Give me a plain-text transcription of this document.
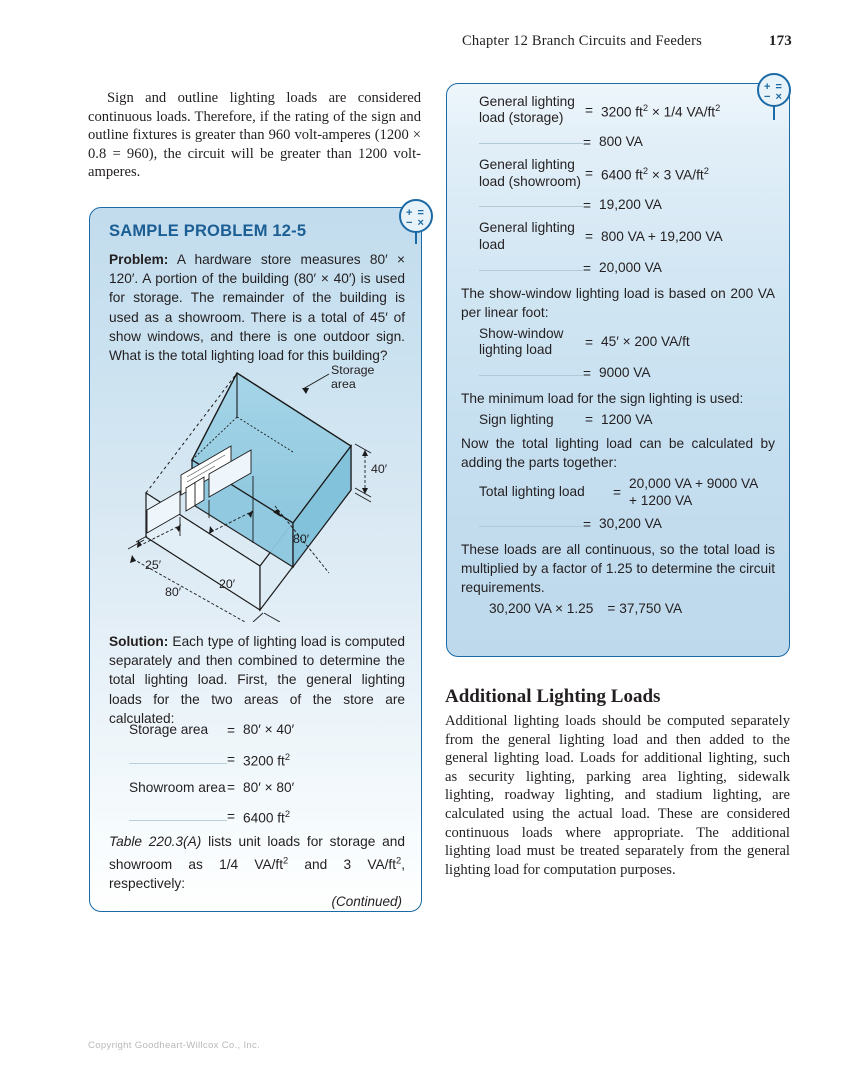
Chapter 12 Branch Circuits and Feeders	173

Sign and outline lighting loads are considered continuous loads. Therefore, if the rating of the sign and outline fixtures is greater than 960 volt-amperes (1200 × 0.8 = 960), the circuit will be greater than 1200 volt-amperes.

+ =
− ×
SAMPLE PROBLEM 12-5
Problem: A hardware store measures 80′ × 120′. A portion of the building (80′ × 40′) is used for storage. The remainder of the building is used as a showroom. There is a total of 45′ of show windows, and there is one outdoor sign. What is the total lighting load for this building?
Storage
area
40′
80′
80′
25′
20′
Solution: Each type of lighting load is computed separately and then combined to determine the total lighting load. First, the general lighting loads for the two areas of the store are calculated:
Storage area	= 80′ × 40′
= 3200 $ft^2$
Showroom area = 80′ × 80′
= 6400 $ft^2$
Table 220.3(A) lists unit loads for storage and showroom as 1/4 $VA/ft^2$ and 3 $VA/ft^2$, respectively:
(Continued)
+ =
− ×
General lighting
load (storage)	= 3200 $ft^2 \times 1/4$ $VA/ft^2$
= 800 VA
General lighting
load (showroom) = 6400 $ft^2 \times 3$ $VA/ft^2$
= 19,200 VA
General lighting
load	= 800 VA + 19,200 VA
= 20,000 VA
The show-window lighting load is based on 200 VA per linear foot:
Show-window
lighting load	= 45′ × 200 VA/ft
= 9000 VA
The minimum load for the sign lighting is used:
Sign lighting	= 1200 VA
Now the total lighting load can be calculated by adding the parts together:
Total lighting load	=
20,000 VA + 9000 VA + 1200 VA
= 30,200 VA
These loads are all continuous, so the total load is multiplied by a factor of 1.25 to determine the circuit requirements.
30,200 VA × 1.25 = 37,750 VA
Additional Lighting Loads

Additional lighting loads should be computed separately from the general lighting load and then added to the general lighting load. Loads for additional lighting, such as security lighting, parking area lighting, sidewalk lighting, roadway lighting, and stadium lighting, are calculated using the actual load. These are considered continuous loads where appropriate. The additional lighting load must be treated separately from the general lighting load for computation purposes.

Copyright Goodheart-Willcox Co., Inc.
